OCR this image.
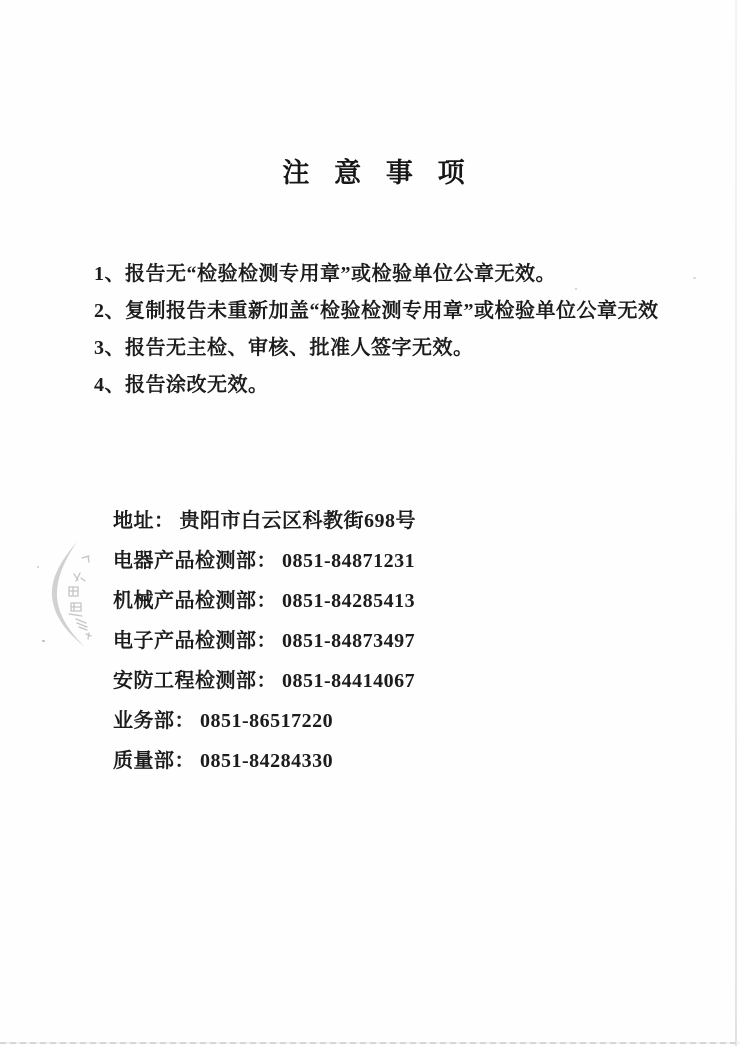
注 意 事 项
1、报告无“检验检测专用章”或检验单位公章无效。
2、复制报告未重新加盖“检验检测专用章”或检验单位公章无效
3、报告无主检、审核、批准人签字无效。
4、报告涂改无效。
地址： 贵阳市白云区科教街698号
电器产品检测部： 0851-84871231
机械产品检测部： 0851-84285413
电子产品检测部： 0851-84873497
安防工程检测部： 0851-84414067
业务部： 0851-86517220
质量部： 0851-84284330
